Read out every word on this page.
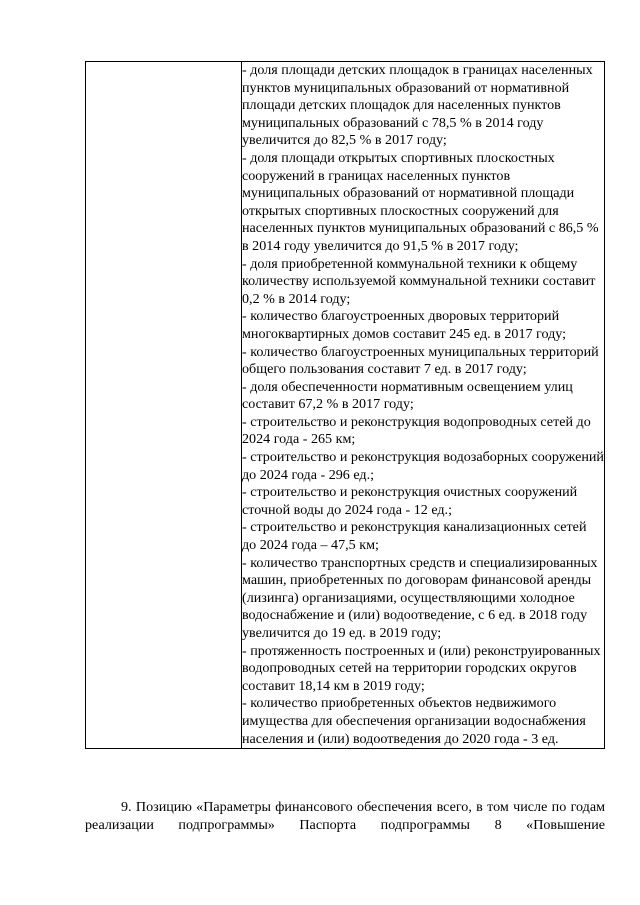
- доля площади детских площадок в границах населенных пунктов муниципальных образований от нормативной площади детских площадок для населенных пунктов муниципальных образований с 78,5 % в 2014 году увеличится до 82,5 % в 2017 году;

- доля площади открытых спортивных плоскостных сооружений в границах населенных пунктов муниципальных образований от нормативной площади открытых спортивных плоскостных сооружений для населенных пунктов муниципальных образований с 86,5 % в 2014 году увеличится до 91,5 % в 2017 году;

- доля приобретенной коммунальной техники к общему количеству используемой коммунальной техники составит 0,2 % в 2014 году;

- количество благоустроенных дворовых территорий многоквартирных домов составит 245 ед. в 2017 году;

- количество благоустроенных муниципальных территорий общего пользования составит 7 ед. в 2017 году;

- доля обеспеченности нормативным освещением улиц составит 67,2 % в 2017 году;

- строительство и реконструкция водопроводных сетей до 2024 года - 265 км;

- строительство и реконструкция водозаборных сооружений до 2024 года - 296 ед.;

- строительство и реконструкция очистных сооружений сточной воды до 2024 года - 12 ед.;

- строительство и реконструкция канализационных сетей до 2024 года – 47,5 км;

- количество транспортных средств и специализированных машин, приобретенных по договорам финансовой аренды (лизинга) организациями, осуществляющими холодное водоснабжение и (или) водоотведение, с 6 ед. в 2018 году увеличится до 19 ед. в 2019 году;

- протяженность построенных и (или) реконструированных водопроводных сетей на территории городских округов составит 18,14 км в 2019 году;

- количество приобретенных объектов недвижимого имущества для обеспечения организации водоснабжения населения и (или) водоотведения до 2020 года - 3 ед.

9. Позицию «Параметры финансового обеспечения всего, в том числе по годам реализации подпрограммы» Паспорта подпрограммы 8 «Повышение
